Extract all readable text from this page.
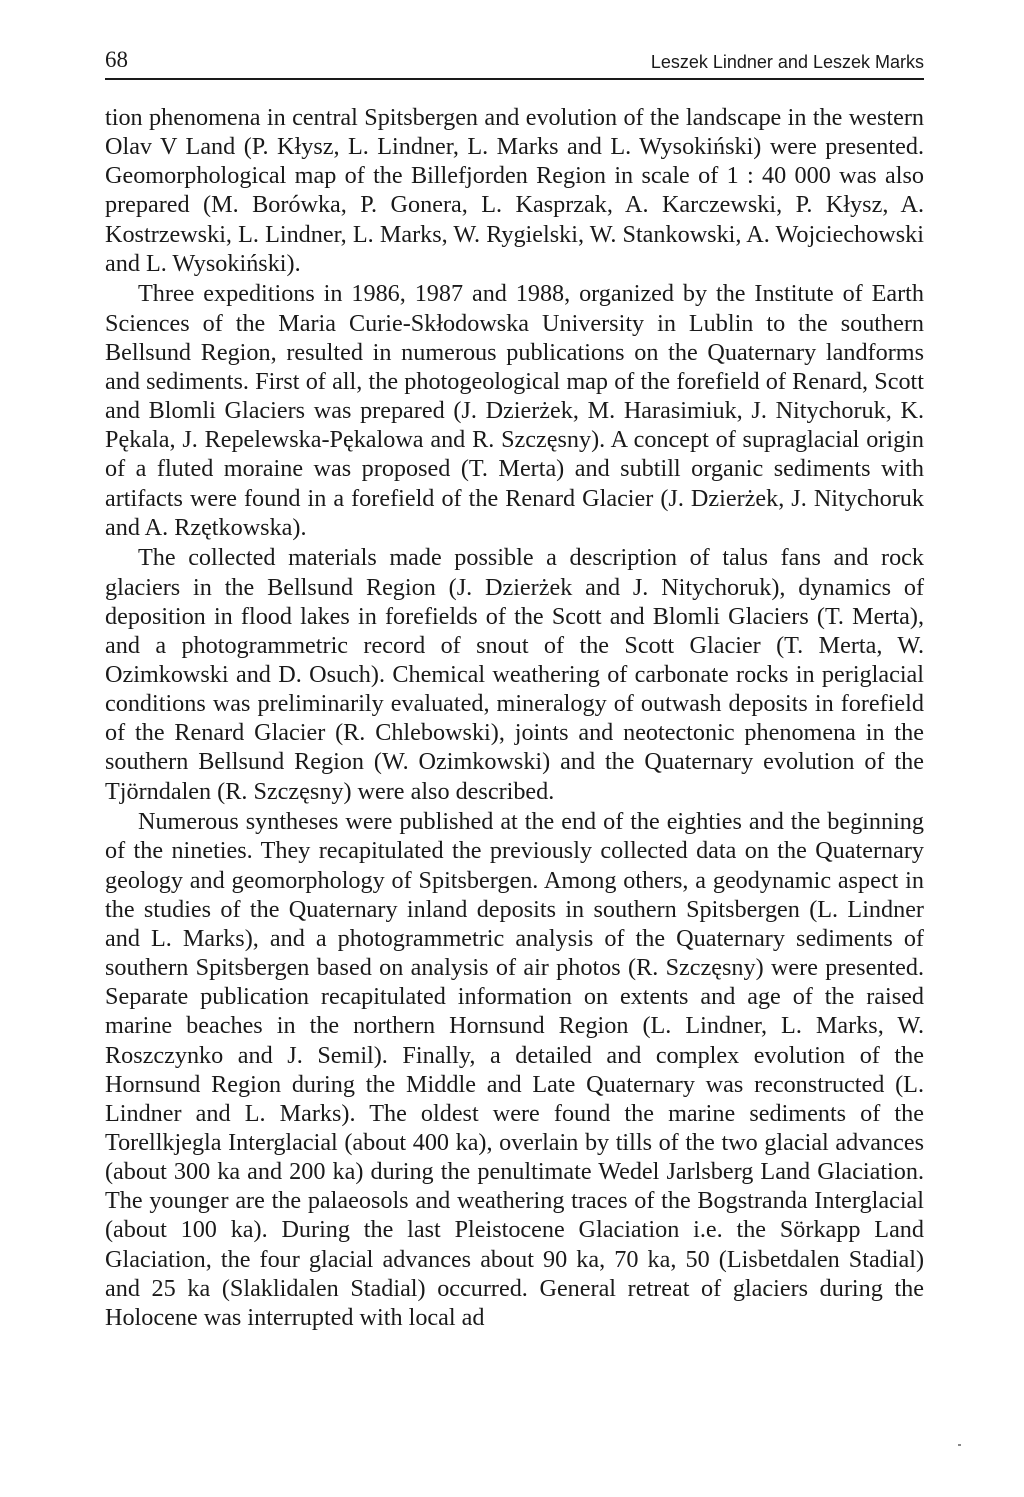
68	Leszek Lindner and Leszek Marks

tion phenomena in central Spitsbergen and evolution of the landscape in the western Olav V Land (P. Kłysz, L. Lindner, L. Marks and L. Wysokiński) were presented. Geomorphological map of the Billefjorden Region in scale of 1 : 40 000 was also prepared (M. Borówka, P. Gonera, L. Kasprzak, A. Karczewski, P. Kłysz, A. Kostrzewski, L. Lindner, L. Marks, W. Rygielski, W. Stankowski, A. Wojciechowski and L. Wysokiński).

Three expeditions in 1986, 1987 and 1988, organized by the Institute of Earth Sciences of the Maria Curie-Skłodowska University in Lublin to the southern Bellsund Region, resulted in numerous publications on the Quaternary landforms and sediments. First of all, the photogeological map of the forefield of Renard, Scott and Blomli Glaciers was prepared (J. Dzierżek, M. Harasimiuk, J. Nitychoruk, K. Pękala, J. Repelewska-Pękalowa and R. Szczęsny). A concept of supraglacial origin of a fluted moraine was proposed (T. Merta) and subtill organic sediments with artifacts were found in a forefield of the Renard Glacier (J. Dzierżek, J. Nitychoruk and A. Rzętkowska).

The collected materials made possible a description of talus fans and rock glaciers in the Bellsund Region (J. Dzierżek and J. Nitychoruk), dynamics of deposition in flood lakes in forefields of the Scott and Blomli Glaciers (T. Merta), and a photogrammetric record of snout of the Scott Glacier (T. Merta, W. Ozimkowski and D. Osuch). Chemical weathering of carbonate rocks in periglacial conditions was preliminarily evaluated, mineralogy of outwash deposits in forefield of the Renard Glacier (R. Chlebowski), joints and neotectonic phenomena in the southern Bellsund Region (W. Ozimkowski) and the Quaternary evolution of the Tjörndalen (R. Szczęsny) were also described.

Numerous syntheses were published at the end of the eighties and the beginning of the nineties. They recapitulated the previously collected data on the Quaternary geology and geomorphology of Spitsbergen. Among others, a geodynamic aspect in the studies of the Quaternary inland deposits in southern Spitsbergen (L. Lindner and L. Marks), and a photogrammetric analysis of the Quaternary sediments of southern Spitsbergen based on analysis of air photos (R. Szczęsny) were presented. Separate publication recapitulated information on extents and age of the raised marine beaches in the northern Hornsund Region (L. Lindner, L. Marks, W. Roszczynko and J. Semil). Finally, a detailed and complex evolution of the Hornsund Region during the Middle and Late Quaternary was reconstructed (L. Lindner and L. Marks). The oldest were found the marine sediments of the Torellkjegla Interglacial (about 400 ka), overlain by tills of the two glacial advances (about 300 ka and 200 ka) during the penultimate Wedel Jarlsberg Land Glaciation. The younger are the palaeosols and weathering traces of the Bogstranda Interglacial (about 100 ka). During the last Pleistocene Glaciation i.e. the Sörkapp Land Glaciation, the four glacial advances about 90 ka, 70 ka, 50 (Lisbetdalen Stadial) and 25 ka (Slaklidalen Stadial) occurred. General retreat of glaciers during the Holocene was interrupted with local ad
